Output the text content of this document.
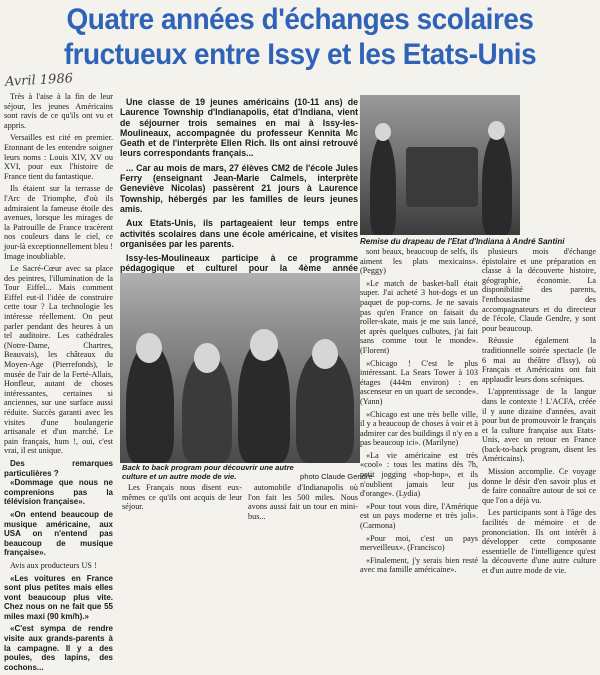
Quatre années d'échanges scolaires
fructueux entre Issy et les Etats-Unis
Avril 1986

Très à l'aise à la fin de leur séjour, les jeunes Américains sont ravis de ce qu'ils ont vu et appris.

Versailles est cité en premier. Etonnant de les entendre soigner leurs noms : Louis XIV, XV ou XVI, pour eux l'histoire de France tient du fantastique.

Ils étaient sur la terrasse de l'Arc de Triomphe, d'où ils admiraient la fameuse étoile des avenues, lorsque les mirages de la Patrouille de France tracèrent nos couleurs dans le ciel, ce jour-là exceptionnellement bleu ! Image inoubliable.

Le Sacré-Cœur avec sa place des peintres, l'illumination de la Tour Eiffel... Mais comment Eiffel eut-il l'idée de construire cette tour ? La technologie les intéresse réellement. On peut parler pendant des heures à un tel auditoire. Les cathédrales (Notre-Dame, Chartres, Beauvais), les châteaux du Moyen-Age (Pierrefonds), le musée de l'air de la Ferté-Allais, Honfleur, autant de choses intéressantes, certaines si anciennes, sur une surface aussi réduite. Succès garanti avec les visites d'une boulangerie artisanale et d'un marché. Le pain français, hum !, oui, c'est vrai, il est unique.

Des remarques particulières ?

«Dommage que nous ne comprenions pas la télévision française».

«On entend beaucoup de musique américaine, aux USA on n'entend pas beaucoup de musique française».

Avis aux producteurs US !

«Les voitures en France sont plus petites mais elles vont beaucoup plus vite. Chez nous on ne fait que 55 miles maxi (90 km/h).»

«C'est sympa de rendre visite aux grands-parents à la campagne. Il y a des poules, des lapins, des cochons...

Une classe de 19 jeunes américains (10-11 ans) de Laurence Township d'Indianapolis, état d'Indiana, vient de séjourner trois semaines en mai à Issy-les-Moulineaux, accompagnée du professeur Kennita Mc Geath et de l'interprète Ellen Rich. Ils ont ainsi retrouvé leurs correspondants français...

... Car au mois de mars, 27 élèves CM2 de l'école Jules Ferry (enseignant Jean-Marie Calmels, interprète Geneviève Nicolas) passèrent 21 jours à Laurence Township, hébergés par les familles de leurs jeunes amis.

Aux Etats-Unis, ils partageaient leur temps entre activités scolaires dans une école américaine, et visites organisées par les parents.

Issy-les-Moulineaux participe à ce programme pédagogique et culturel pour la 4ème année

Remise du drapeau de l'Etat d'Indiana à André Santini
Back to back program pour découvrir une autre culture et un autre mode de vie.	photo Claude Gendre

sont beaux, beaucoup de selfs, ils aiment les plats mexicains». (Peggy)

«Le match de basket-ball était super. J'ai acheté 3 hot-dogs et un paquet de pop-corns. Je ne savais pas qu'en France on faisait du roller-skate, mais je me suis lancé, et après quelques culbutes, j'ai fait sans comme tout le monde». (Florent)

«Chicago ! C'est le plus intéressant. La Sears Tower à 103 étages (444m environ) : en ascenseur en un quart de seconde». (Yann)

«Chicago est une très belle ville, il y a beaucoup de choses à voir et à admirer car des buildings il n'y en a pas beaucoup ici». (Marilyne)

«La vie américaine est très «cool» : tous les matins dès 7h, petit jogging «hop-hop», et ils n'oublient jamais leur jus d'orange». (Lydia)

«Pour tout vous dire, l'Amérique est un pays moderne et très joli». (Carmona)

«Pour moi, c'est un pays merveilleux». (Francisco)

«Finalement, j'y serais bien resté avec ma famille américaine».

plusieurs mois d'échange épistolaire et une préparation en classe à la découverte histoire, géographie, économie. La disponibilité des parents, l'enthousiasme des accompagnateurs et du directeur de l'école, Claude Gendre, y sont pour beaucoup.

Réussie également la traditionnelle soirée spectacle (le 6 mai au théâtre d'Issy), où Français et Américains ont fait applaudir leurs dons scéniques.

L'apprentissage de la langue dans le contexte ! L'ACFA, créée il y aune dizaine d'années, avait pour but de promouvoir le français et la culture française aux Etats-Unis, avec un retour en France (back-to-back program, disent les Américains).

Mission accomplie. Ce voyage donne le désir d'en savoir plus et de faire connaître autour de soi ce que l'on a déjà vu.

Les participants sont à l'âge des facilités de mémoire et de prononciation. Ils ont intérêt à développer cette composante essentielle de l'intelligence qu'est la découverte d'une autre culture et d'un autre mode de vie.

Les Français nous disent eux-mêmes ce qu'ils ont acquis de leur séjour.

automobile d'Indianapolis où l'on fait les 500 miles. Nous avons aussi fait un tour en mini-bus...
